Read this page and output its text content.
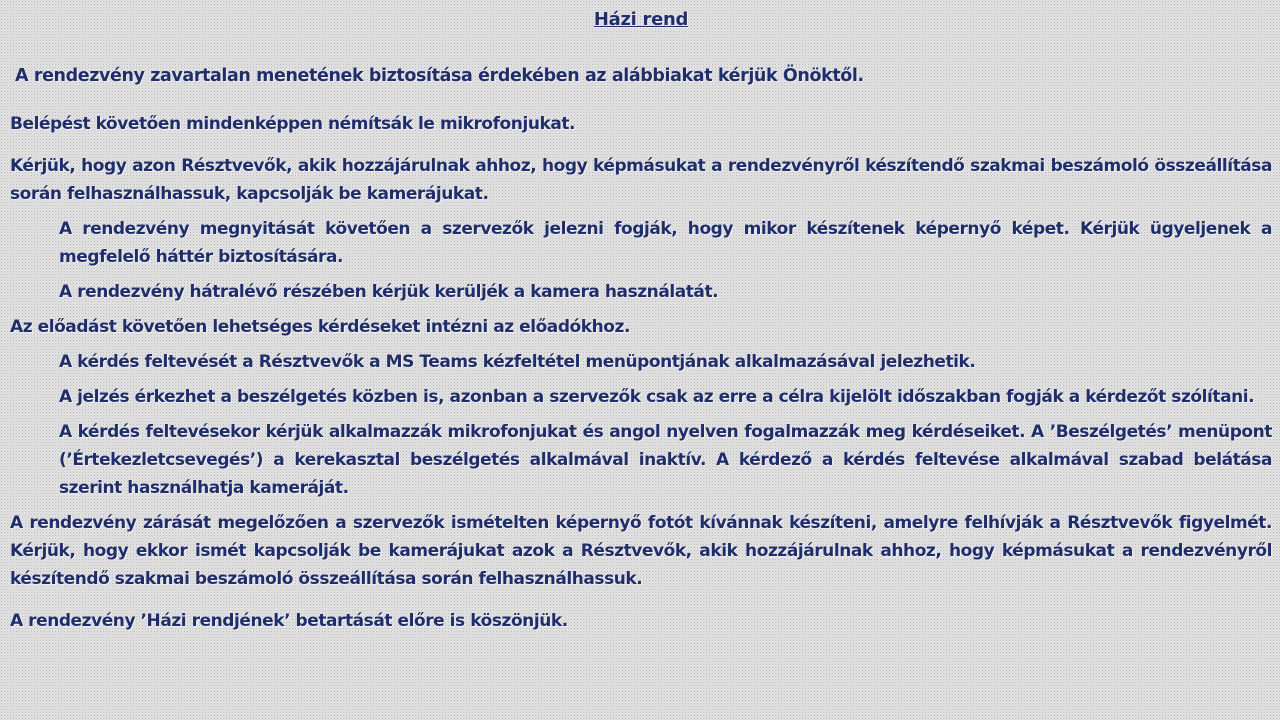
Házi rend
A rendezvény zavartalan menetének biztosítása érdekében az alábbiakat kérjük Önöktől.

Belépést követően mindenképpen némítsák le mikrofonjukat.

Kérjük, hogy azon Résztvevők, akik hozzájárulnak ahhoz, hogy képmásukat a rendezvényről készítendő szakmai beszámoló összeállítása során felhasználhassuk, kapcsolják be kamerájukat.

A rendezvény megnyitását követően a szervezők jelezni fogják, hogy mikor készítenek képernyő képet. Kérjük ügyeljenek a megfelelő háttér biztosítására.

A rendezvény hátralévő részében kérjük kerüljék a kamera használatát.

Az előadást követően lehetséges kérdéseket intézni az előadókhoz.

A kérdés feltevését a Résztvevők a MS Teams kézfeltétel menüpontjának alkalmazásával jelezhetik.

A jelzés érkezhet a beszélgetés közben is, azonban a szervezők csak az erre a célra kijelölt időszakban fogják a kérdezőt szólítani.

A kérdés feltevésekor kérjük alkalmazzák mikrofonjukat és angol nyelven fogalmazzák meg kérdéseiket. A ’Beszélgetés’ menüpont (’Értekezletcsevegés’) a kerekasztal beszélgetés alkalmával inaktív. A kérdező a kérdés feltevése alkalmával szabad belátása szerint használhatja kameráját.

A rendezvény zárását megelőzően a szervezők ismételten képernyő fotót kívánnak készíteni, amelyre felhívják a Résztvevők figyelmét. Kérjük, hogy ekkor ismét kapcsolják be kamerájukat azok a Résztvevők, akik hozzájárulnak ahhoz, hogy képmásukat a rendezvényről készítendő szakmai beszámoló összeállítása során felhasználhassuk.

A rendezvény ’Házi rendjének’ betartását előre is köszönjük.
